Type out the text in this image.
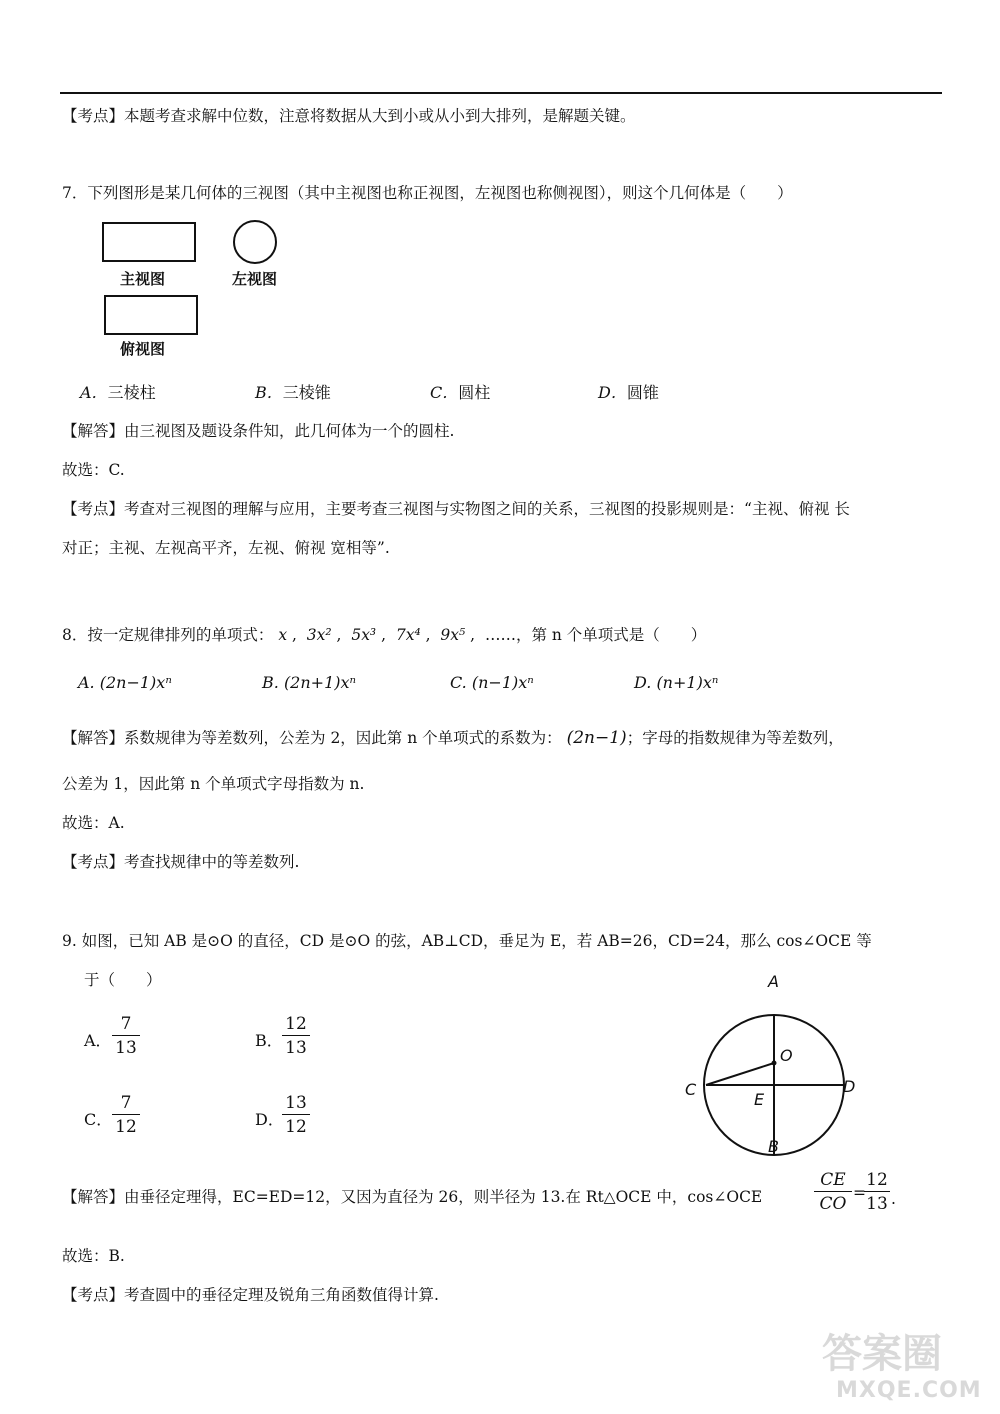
【考点】本题考查求解中位数，注意将数据从大到小或从小到大排列，是解题关键。
7．下列图形是某几何体的三视图（其中主视图也称正视图，左视图也称侧视图），则这个几何体是（　　）
主视图	左视图
俯视图
A．三棱柱	B．三棱锥	C．圆柱	D．圆锥
【解答】由三视图及题设条件知，此几何体为一个的圆柱.
故选：C.
【考点】考查对三视图的理解与应用，主要考查三视图与实物图之间的关系，三视图的投影规则是：“主视、俯视 长
对正；主视、左视高平齐，左视、俯视 宽相等”.
8．按一定规律排列的单项式： x ,  3x² ,  5x³ ,  7x⁴ ,  9x⁵ ,  ……，第 n 个单项式是（　　）
A. (2n−1)xⁿ	B. (2n+1)xⁿ	C. (n−1)xⁿ	D. (n+1)xⁿ
【解答】系数规律为等差数列，公差为 2，因此第 n 个单项式的系数为： (2n−1)；字母的指数规律为等差数列，
公差为 1，因此第 n 个单项式字母指数为 n.
故选：A.
【考点】考查找规律中的等差数列.
9. 如图，已知 AB 是⊙O 的直径，CD 是⊙O 的弦，AB⊥CD，垂足为 E，若 AB=26，CD=24，那么 cos∠OCE 等
于（　　）
A． $\frac{7}{13}$	B． $\frac{12}{13}$
C． $\frac{7}{12}$	D．
$\frac{13}{12}$
A
B
C	D
E
O
【解答】由垂径定理得，EC=ED=12，又因为直径为 26，则半径为 13.在 Rt△OCE 中，cos∠OCE	$\frac{CE}{CO}$ =
$\frac{12}{13}$ .
故选：B.
【考点】考查圆中的垂径定理及锐角三角函数值得计算.
答案圈
MXQE.COM
